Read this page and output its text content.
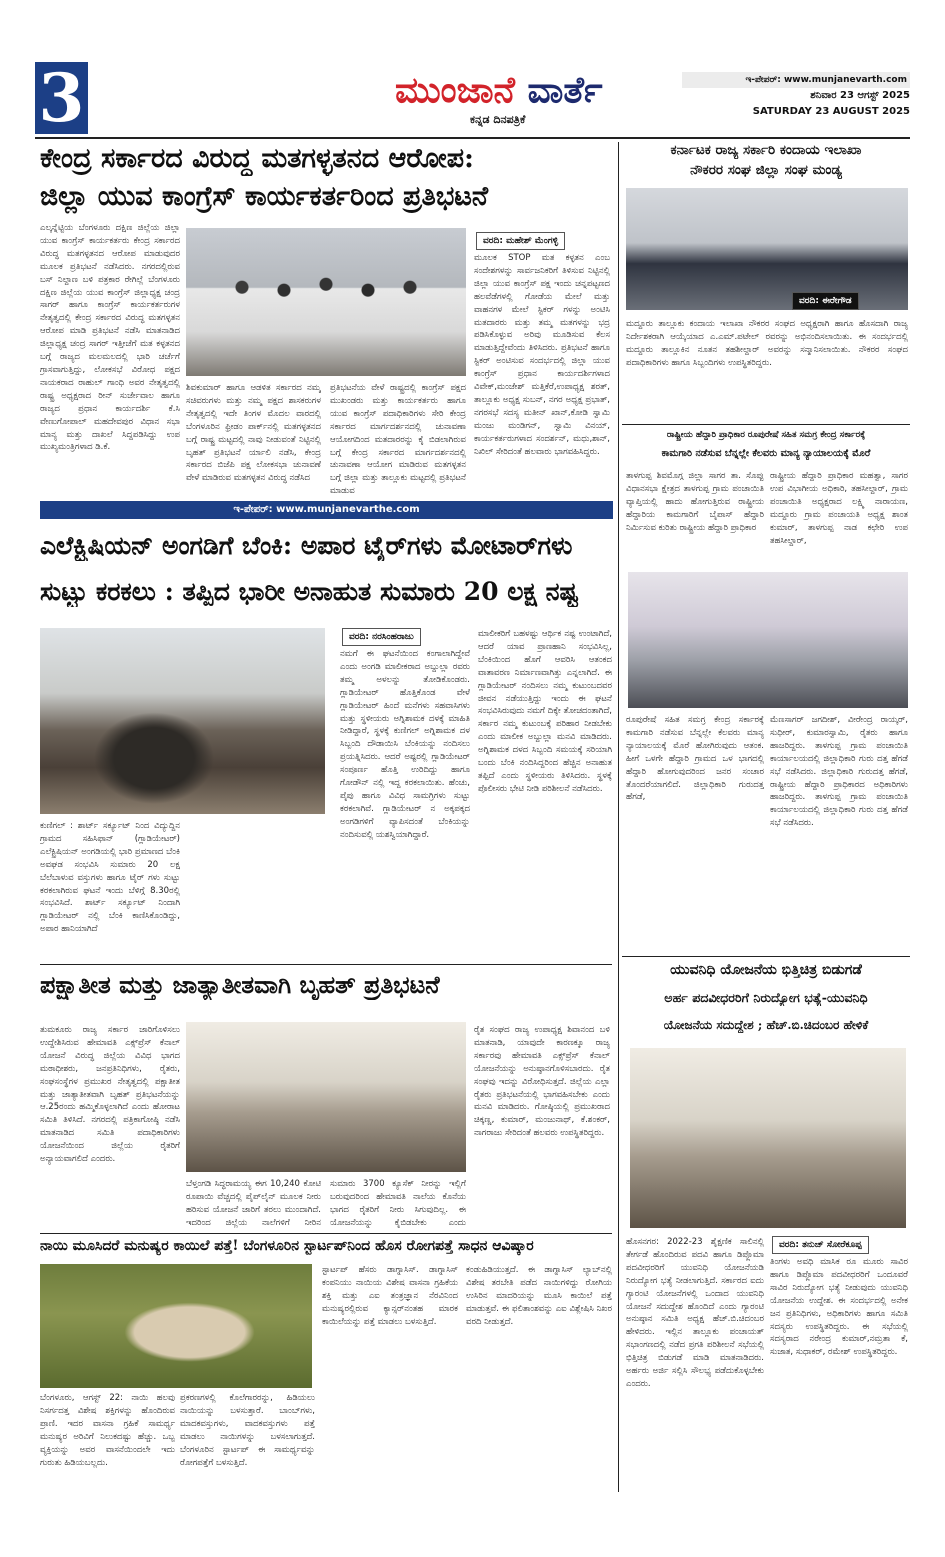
3	ಮುಂಜಾನೆ ವಾರ್ತೆ
ಕನ್ನಡ ದಿನಪತ್ರಿಕೆ
ಇ-ಪೇಪರ್: www.munjanevarth.com
ಶನಿವಾರ 23 ಆಗಸ್ಟ್ 2025
SATURDAY 23 AUGUST 2025
ಕೇಂದ್ರ ಸರ್ಕಾರದ ವಿರುದ್ಧ ಮತಗಳ್ಳತನದ ಆರೋಪ:
ಜಿಲ್ಲಾ ಯುವ ಕಾಂಗ್ರೆಸ್ ಕಾರ್ಯಕರ್ತರಿಂದ ಪ್ರತಿಭಟನೆ
ಎಲ್ಕನ್ನೆಟ್ಟಿಯ ಬೆಂಗಳೂರು ದಕ್ಷಿಣ ಜಿಲ್ಲೆಯ ಜಿಲ್ಲಾ ಯುವ ಕಾಂಗ್ರೆಸ್ ಕಾರ್ಯಕರ್ತರು ಕೇಂದ್ರ ಸರ್ಕಾರದ ವಿರುದ್ಧ ಮತಗಳ್ಳತನದ ಆರೋಪ ಮಾಡುವುದರ ಮೂಲಕ ಪ್ರತಿಭಟನೆ ನಡೆಸಿದರು. ನಗರದಲ್ಲಿರುವ ಬಸ್ ನಿಲ್ದಾಣ ಬಳಿ ಪತ್ರಕಾರ ರೇಗಿಲ್ಲೆ ಬೆಂಗಳೂರು ದಕ್ಷಿಣ ಜಿಲ್ಲೆಯ ಯುವ ಕಾಂಗ್ರೆಸ್ ಜಿಲ್ಲಾಧ್ಯಕ್ಷ ಚಂದ್ರ ಸಾಗರ್ ಹಾಗೂ ಕಾಂಗ್ರೆಸ್ ಕಾರ್ಯಕರ್ತರುಗಳ ನೇತೃತ್ವದಲ್ಲಿ ಕೇಂದ್ರ ಸರ್ಕಾರದ ವಿರುದ್ಧ ಮತಗಳ್ಳತನ ಆರೋಪ ಮಾಡಿ ಪ್ರತಿಭಟನೆ ನಡೆಸಿ ಮಾತನಾಡಿದ ಜಿಲ್ಲಾಧ್ಯಕ್ಷ ಚಂದ್ರ ಸಾಗರ್ ಇತ್ತೀಚೆಗೆ ಮತ ಕಳ್ಳತನದ ಬಗ್ಗೆ ರಾಜ್ಯದ ಮಲಮಲದಲ್ಲಿ ಭಾರಿ ಚರ್ಚೆಗೆ ಗ್ರಾಸವಾಗುತ್ತಿದ್ದು, ಲೋಕಸಭೆ ವಿರೋಧ ಪಕ್ಷದ ನಾಯಕರಾದ ರಾಹುಲ್ ಗಾಂಧಿ ಅವರ ನೇತೃತ್ವದಲ್ಲಿ ರಾಷ್ಟ್ರ ಅಧ್ಯಕ್ಷರಾದ ರೀನ್ ಸುರ್ಜೇವಾಲ ಹಾಗೂ ರಾಜ್ಯದ ಪ್ರಧಾನ ಕಾರ್ಯದರ್ಶಿ ಕೆ.ಸಿ ವೇಣುಗೋಪಾಲ್ ಮಹದೇವಪುರ ವಿಧಾನ ಸಭಾ ಮಾನ್ಯ ಮತ್ತು ದಾಖಲೆ ಸಿದ್ದಪಡಿಸಿದ್ದು ಉಪ ಮುಖ್ಯಮಂತ್ರಿಗಳಾದ ಡಿ.ಕೆ.
ಶಿವಕುಮಾರ್ ಹಾಗೂ ಆಡಳಿತ ಸರ್ಕಾರದ ನಮ್ಮ ಸಚಿವರುಗಳು ಮತ್ತು ನಮ್ಮ ಪಕ್ಷದ ಶಾಸಕರುಗಳ ನೇತೃತ್ವದಲ್ಲಿ ಇದೇ ತಿಂಗಳ ಮೊದಲ ವಾರದಲ್ಲಿ ಬೆಂಗಳೂರಿನ ಫ್ರೀಡಂ ಪಾರ್ಕ್‌ನಲ್ಲಿ ಮತಗಳ್ಳತನದ ಬಗ್ಗೆ ರಾಷ್ಟ್ರ ಮಟ್ಟದಲ್ಲಿ ನಾವು ನೀಡುವಂತೆ ನಿಟ್ಟಿನಲ್ಲಿ ಬೃಹತ್ ಪ್ರತಿಭಟನೆ ರ್ಯಾಲಿ ನಡೆಸಿ, ಕೇಂದ್ರ ಸರ್ಕಾರದ ಬಿಜೆಪಿ ಪಕ್ಷ ಲೋಕಸಭಾ ಚುನಾವಣೆ ವೇಳೆ ಮಾಡಿರುವ ಮತಗಳ್ಳತನ ವಿರುದ್ಧ ನಡೆಸಿದ
ಪ್ರತಿಭಟನೆಯ ವೇಳೆ ರಾಷ್ಟ್ರದಲ್ಲಿ ಕಾಂಗ್ರೆಸ್ ಪಕ್ಷದ ಮುಖಂಡರು ಮತ್ತು ಕಾರ್ಯಕರ್ತರು ಹಾಗೂ ಯುವ ಕಾಂಗ್ರೆಸ್ ಪದಾಧಿಕಾರಿಗಳು ಸೇರಿ ಕೇಂದ್ರ ಸರ್ಕಾರದ ಮಾರ್ಗದರ್ಶನದಲ್ಲಿ ಚುನಾವಣಾ ಆಯೋಗದಿಂದ ಮತದಾರರನ್ನು ಕೈ ಬಿಡಲಾಗಿರುವ ಬಗ್ಗೆ ಕೇಂದ್ರ ಸರ್ಕಾರದ ಮಾರ್ಗದರ್ಶನದಲ್ಲಿ ಚುನಾವಣಾ ಆಯೋಗ ಮಾಡಿರುವ ಮತಗಳ್ಳತನ ಬಗ್ಗೆ ಜಿಲ್ಲಾ ಮತ್ತು ತಾಲ್ಲೂಕು ಮಟ್ಟದಲ್ಲಿ ಪ್ರತಿಭಟನೆ ಮಾಡುವ
ವರದಿ: ಮಹೇಶ್ ಮೆಂಗಳ್ಳಿ
ಮೂಲಕ STOP ಮತ ಕಳ್ಳತನ ಎಂಬ ಸಂದೇಶಗಳನ್ನು ಸಾರ್ವಜನಿಕರಿಗೆ ತಿಳಿಸುವ ನಿಟ್ಟಿನಲ್ಲಿ ಜಿಲ್ಲಾ ಯುವ ಕಾಂಗ್ರೆಸ್ ಪಕ್ಷ ಇಂದು ಚನ್ನಪಟ್ಟಣದ ಹಲವೆಡೆಗಳಲ್ಲಿ ಗೋಡೆಯ ಮೇಲೆ ಮತ್ತು ವಾಹನಗಳ ಮೇಲೆ ಸ್ಟಿಕರ್ ಗಳನ್ನು ಅಂಟಿಸಿ ಮತದಾರರು ಮತ್ತು ತಮ್ಮ ಮತಗಳನ್ನು ಭದ್ರ ಪಡಿಸಿಕೊಳ್ಳುವ ಅರಿವು ಮೂಡಿಸುವ ಕೆಲಸ ಮಾಡುತ್ತಿದ್ದೇವೆಂದು ತಿಳಿಸಿದರು. ಪ್ರತಿಭಟನೆ ಹಾಗೂ ಸ್ಟಿಕರ್ ಅಂಟಿಸುವ ಸಂದರ್ಭದಲ್ಲಿ ಜಿಲ್ಲಾ ಯುವ ಕಾಂಗ್ರೆಸ್ ಪ್ರಧಾನ ಕಾರ್ಯದರ್ಶಿಗಳಾದ ವಿವೇಕ್,ಮಂಜೇಶ್ ಮತ್ತಿಕೆರೆ,ಉಪಾಧ್ಯಕ್ಷ ಶರತ್, ತಾಲ್ಲೂಕು ಅಧ್ಯಕ್ಷ ಸುಬನ್, ನಗರ ಅಧ್ಯಕ್ಷ ಪ್ರಭಾತ್, ನಗರಸಭೆ ಸದಸ್ಯ ಮತೀನ್ ಖಾನ್,ಕೋಡಿ ಸ್ವಾಮಿ ಮಂಜು ಮಂಡಿಗನ್, ಸ್ವಾಮಿ ವಿನಯ್, ಕಾರ್ಯಕರ್ತರುಗಳಾದ ಸಂದರ್ಶನ್, ಮಧು,ಶಾನ್, ನಿಖಿಲ್ ಸೇರಿದಂತೆ ಹಲವಾರು ಭಾಗವಹಿಸಿದ್ದರು.
ಇ-ಪೇಪರ್: www.munjanevarthe.com
ಎಲೆಕ್ಟ್ರಿಷಿಯನ್ ಅಂಗಡಿಗೆ ಬೆಂಕಿ: ಅಪಾರ ಟೈರ್‌ಗಳು ಮೋಟಾರ್‌ಗಳು
ಸುಟ್ಟು ಕರಕಲು : ತಪ್ಪಿದ ಭಾರೀ ಅನಾಹುತ ಸುಮಾರು 20 ಲಕ್ಷ ನಷ್ಟ
ಕುಣಿಗಲ್ : ಶಾರ್ಟ್ ಸರ್ಕ್ಯೂಟ್ ನಿಂದ ವಿದ್ಯುದ್ದಿನ ಗ್ರಾಮದ ಸಹಿಸಿಫಾನ್ (ಗ್ಲಾಡಿಯೇಟರ್) ಎಲೆಕ್ಟ್ರಿಷಿಯನ್ ಅಂಗಡಿಯಲ್ಲಿ ಭಾರಿ ಪ್ರಮಾಣದ ಬೆಂಕಿ ಅವಘಡ ಸಂಭವಿಸಿ ಸುಮಾರು 20 ಲಕ್ಷ ಬೆಲೆಬಾಳುವ ವಸ್ತುಗಳು ಹಾಗೂ ಟೈರ್ ಗಳು ಸುಟ್ಟು ಕರಕಲಾಗಿರುವ ಘಟನೆ ಇಂದು ಬೆಳಿಗ್ಗೆ 8.30ರಲ್ಲಿ ಸಂಭವಿಸಿದೆ. ಶಾರ್ಟ್ ಸರ್ಕ್ಯೂಟ್ ನಿಂದಾಗಿ ಗ್ಲಾಡಿಯೇಟರ್ ನಲ್ಲಿ ಬೆಂಕಿ ಕಾಣಿಸಿಕೊಂಡಿದ್ದು, ಅಪಾರ ಹಾನಿಯಾಗಿದೆ
ವರದಿ: ನರಸಿಂಹರಾಜು
ನಮಗೆ ಈ ಘಟನೆಯಿಂದ ಕಂಗಾಲಾಗಿದ್ದೇವೆ ಎಂದು ಅಂಗಡಿ ಮಾಲೀಕರಾದ ಅಬ್ದುಲ್ಲಾ ರವರು ತಮ್ಮ ಅಳಲನ್ನು ತೋಡಿಕೊಂಡರು. ಗ್ಲಾಡಿಯೇಟರ್ ಹೊತ್ತಿಕೊಂಡ ವೇಳೆ ಗ್ಲಾಡಿಯೇಟರ್ ಹಿಂದೆ ಮನೆಗಳು ಸಹವಾಸಿಗಳು ಮತ್ತು ಸ್ಥಳೀಯರು ಅಗ್ನಿಶಾಮಕ ದಳಕ್ಕೆ ಮಾಹಿತಿ ನೀಡಿದ್ದಾರೆ, ಸ್ಥಳಕ್ಕೆ ಕುಣಿಗಲ್ ಅಗ್ನಿಶಾಮಕ ದಳ ಸಿಬ್ಬಂದಿ ದೌಡಾಯಿಸಿ ಬೆಂಕಿಯನ್ನು ನಂದಿಸಲು ಪ್ರಯತ್ನಿಸಿದರು. ಆದರೆ ಅಷ್ಟರಲ್ಲಿ ಗ್ಲಾಡಿಯೇಟರ್ ಸಂಪೂರ್ಣ ಹೊತ್ತಿ ಉರಿದಿದ್ದು ಹಾಗೂ ಗೋಡೌನ್ ನಲ್ಲಿ ಇದ್ದ ಕರಕಲಾಯಿತು. ಹೆಂಚು, ಪೈಪು ಹಾಗೂ ವಿವಿಧ ಸಾಮಗ್ರಿಗಳು ಸುಟ್ಟು ಕರಕಲಾಗಿವೆ. ಗ್ಲಾಡಿಯೇಟರ್ ನ ಅಕ್ಕಪಕ್ಕದ ಅಂಗಡಿಗಳಿಗೆ ವ್ಯಾಪಿಸದಂತೆ ಬೆಂಕಿಯನ್ನು ನಂದಿಸುವಲ್ಲಿ ಯಶಸ್ವಿಯಾಗಿದ್ದಾರೆ.
ಮಾಲೀಕರಿಗೆ ಬಹಳಷ್ಟು ಆರ್ಥಿಕ ನಷ್ಟ ಉಂಟಾಗಿದೆ, ಆದರೆ ಯಾವ ಪ್ರಾಣಹಾನಿ ಸಂಭವಿಸಿಲ್ಲ, ಬೆಂಕಿಯಿಂದ ಹೊಗೆ ಆವರಿಸಿ ಆತಂಕದ ವಾತಾವರಣ ನಿರ್ಮಾಣವಾಗಿತ್ತು ಎನ್ನಲಾಗಿದೆ. ಈ ಗ್ಲಾಡಿಯೇಟರ್ ನಂದಿಸಲು ನಮ್ಮ ಕುಟುಂಬದವರ ಜೀವನ ನಡೆಯುತ್ತಿದ್ದು ಇಂದು ಈ ಘಟನೆ ಸಂಭವಿಸಿರುವುದು ನಮಗೆ ದಿಕ್ಕೇ ತೋಚದಂತಾಗಿದೆ, ಸರ್ಕಾರ ನಮ್ಮ ಕುಟುಂಬಕ್ಕೆ ಪರಿಹಾರ ನೀಡಬೇಕು ಎಂದು ಮಾಲೀಕ ಅಬ್ದುಲ್ಲಾ ಮನವಿ ಮಾಡಿದರು. ಅಗ್ನಿಶಾಮಕ ದಳದ ಸಿಬ್ಬಂದಿ ಸಮಯಕ್ಕೆ ಸರಿಯಾಗಿ ಬಂದು ಬೆಂಕಿ ನಂದಿಸಿದ್ದರಿಂದ ಹೆಚ್ಚಿನ ಅನಾಹುತ ತಪ್ಪಿದೆ ಎಂದು ಸ್ಥಳೀಯರು ತಿಳಿಸಿದರು. ಸ್ಥಳಕ್ಕೆ ಪೊಲೀಸರು ಭೇಟಿ ನೀಡಿ ಪರಿಶೀಲನೆ ನಡೆಸಿದರು.
ಪಕ್ಷಾತೀತ ಮತ್ತು ಜಾತ್ಯಾತೀತವಾಗಿ ಬೃಹತ್ ಪ್ರತಿಭಟನೆ
ತುಮಕೂರು ರಾಜ್ಯ ಸರ್ಕಾರ ಜಾರಿಗೊಳಿಸಲು ಉದ್ದೇಶಿಸಿರುವ ಹೇಮಾವತಿ ಎಕ್ಸ್‌ಪ್ರೆಸ್ ಕೆನಾಲ್ ಯೋಜನೆ ವಿರುದ್ಧ ಜಿಲ್ಲೆಯ ವಿವಿಧ ಭಾಗದ ಮಠಾಧೀಶರು, ಜನಪ್ರತಿನಿಧಿಗಳು, ರೈತರು, ಸಂಘಸಂಸ್ಥೆಗಳ ಪ್ರಮುಖರ ನೇತೃತ್ವದಲ್ಲಿ ಪಕ್ಷಾತೀತ ಮತ್ತು ಜಾತ್ಯಾತೀತವಾಗಿ ಬೃಹತ್ ಪ್ರತಿಭಟನೆಯನ್ನು ಆ.25ರಂದು ಹಮ್ಮಿಕೊಳ್ಳಲಾಗಿದೆ ಎಂದು ಹೋರಾಟ ಸಮಿತಿ ತಿಳಿಸಿದೆ. ನಗರದಲ್ಲಿ ಪತ್ರಿಕಾಗೋಷ್ಠಿ ನಡೆಸಿ ಮಾತನಾಡಿದ ಸಮಿತಿ ಪದಾಧಿಕಾರಿಗಳು ಯೋಜನೆಯಿಂದ ಜಿಲ್ಲೆಯ ರೈತರಿಗೆ ಅನ್ಯಾಯವಾಗಲಿದೆ ಎಂದರು.
ಬೆಳ್ತಂಗಡಿ ಸಿದ್ಧರಾಮಯ್ಯ ಈಗ 10,240 ಕೋಟಿ ರೂಪಾಯಿ ವೆಚ್ಚದಲ್ಲಿ ಪೈಪ್‌ಲೈನ್ ಮೂಲಕ ನೀರು ಹರಿಸುವ ಯೋಜನೆ ಜಾರಿಗೆ ತರಲು ಮುಂದಾಗಿದೆ. ಇದರಿಂದ ಜಿಲ್ಲೆಯ ನಾಲೆಗಳಿಗೆ ನೀರಿನ
ಸುಮಾರು 3700 ಕ್ಯೂಸೆಕ್ ನೀರನ್ನು ಇಲ್ಲಿಗೆ ಬರುವುದರಿಂದ ಹೇಮಾವತಿ ನಾಲೆಯ ಕೊನೆಯ ಭಾಗದ ರೈತರಿಗೆ ನೀರು ಸಿಗುವುದಿಲ್ಲ. ಈ ಯೋಜನೆಯನ್ನು ಕೈಬಿಡಬೇಕು ಎಂದು
ರೈತ ಸಂಘದ ರಾಜ್ಯ ಉಪಾಧ್ಯಕ್ಷ ಶಿವಾನಂದ ಬಳಿ ಮಾತನಾಡಿ, ಯಾವುದೇ ಕಾರಣಕ್ಕೂ ರಾಜ್ಯ ಸರ್ಕಾರವು ಹೇಮಾವತಿ ಎಕ್ಸ್‌ಪ್ರೆಸ್ ಕೆನಾಲ್ ಯೋಜನೆಯನ್ನು ಅನುಷ್ಠಾನಗೊಳಿಸಬಾರದು. ರೈತ ಸಂಘವು ಇದನ್ನು ವಿರೋಧಿಸುತ್ತದೆ. ಜಿಲ್ಲೆಯ ಎಲ್ಲಾ ರೈತರು ಪ್ರತಿಭಟನೆಯಲ್ಲಿ ಭಾಗವಹಿಸಬೇಕು ಎಂದು ಮನವಿ ಮಾಡಿದರು. ಗೋಷ್ಠಿಯಲ್ಲಿ ಪ್ರಮುಖರಾದ ಚಿಕ್ಕಣ್ಣ, ಕುಮಾರ್, ಮಂಜುನಾಥ್, ಕೆ.ಶಂಕರ್, ನಾಗರಾಜು ಸೇರಿದಂತೆ ಹಲವರು ಉಪಸ್ಥಿತರಿದ್ದರು.
ನಾಯಿ ಮೂಸಿದರೆ ಮನುಷ್ಯರ ಕಾಯಿಲೆ ಪತ್ತೆ! ಬೆಂಗಳೂರಿನ ಸ್ಟಾರ್ಟಪ್‌ನಿಂದ ಹೊಸ ರೋಗಪತ್ತೆ ಸಾಧನ ಆವಿಷ್ಕಾರ
ಬೆಂಗಳೂರು, ಆಗಸ್ಟ್ 22: ನಾಯಿ ಹಲವು ನಿಸರ್ಗದತ್ತ ವಿಶೇಷ ಶಕ್ತಿಗಳನ್ನು ಹೊಂದಿರುವ ಪ್ರಾಣಿ. ಇದರ ವಾಸನಾ ಗ್ರಹಿಕೆ ಸಾಮರ್ಥ್ಯ ಮನುಷ್ಯರ ಅರಿವಿಗೆ ನಿಲುಕದಷ್ಟು ಹೆಚ್ಚು. ಒಬ್ಬ ವ್ಯಕ್ತಿಯನ್ನು ಅವರ ವಾಸನೆಯಿಂದಲೇ ಇದು ಗುರುತು ಹಿಡಿಯಬಲ್ಲದು.
ಪ್ರಕರಣಗಳಲ್ಲಿ ಕೊಲೆಗಾರರನ್ನು, ಹಿಡಿಯಲು ನಾಯಿಯನ್ನು ಬಳಸುತ್ತಾರೆ. ಬಾಂಬ್‌ಗಳು, ಮಾದಕವಸ್ತುಗಳು, ವಾದಕವಸ್ತುಗಳು ಪತ್ತೆ ಮಾಡಲು ನಾಯಿಗಳನ್ನು ಬಳಸಲಾಗುತ್ತದೆ. ಬೆಂಗಳೂರಿನ ಸ್ಟಾರ್ಟಪ್ ಈ ಸಾಮರ್ಥ್ಯವನ್ನು ರೋಗಪತ್ತೆಗೆ ಬಳಸುತ್ತಿದೆ.
ಸ್ಟಾರ್ಟಪ್ ಹೆಸರು ಡಾಗ್ನಾಸಿಸ್. ಡಾಗ್ನಾಸಿಸ್ ಕಂಪನಿಯು ನಾಯಿಯ ವಿಶೇಷ ವಾಸನಾ ಗ್ರಹಿಕೆಯ ಶಕ್ತಿ ಮತ್ತು ಎಐ ತಂತ್ರಜ್ಞಾನ ನೆರವಿನಿಂದ ಮನುಷ್ಯರಲ್ಲಿರುವ ಕ್ಯಾನ್ಸರ್‌ನಂತಹ ಮಾರಕ ಕಾಯಿಲೆಯನ್ನು ಪತ್ತೆ ಮಾಡಲು ಬಳಸುತ್ತಿದೆ.
ಕಂಡುಹಿಡಿಯುತ್ತದೆ. ಈ ಡಾಗ್ನಾಸಿಸ್ ಲ್ಯಾಬ್‌ನಲ್ಲಿ ವಿಶೇಷ ತರಬೇತಿ ಪಡೆದ ನಾಯಿಗಳಿದ್ದು ರೋಗಿಯ ಉಸಿರಿನ ಮಾದರಿಯನ್ನು ಮೂಸಿ ಕಾಯಿಲೆ ಪತ್ತೆ ಮಾಡುತ್ತವೆ. ಈ ಫಲಿತಾಂಶವನ್ನು ಎಐ ವಿಶ್ಲೇಷಿಸಿ ನಿಖರ ವರದಿ ನೀಡುತ್ತದೆ.
ಕರ್ನಾಟಕ ರಾಜ್ಯ ಸರ್ಕಾರಿ ಕಂದಾಯ ಇಲಾಖಾ
ನೌಕರರ ಸಂಘ ಜಿಲ್ಲಾ ಸಂಘ ಮಂಡ್ಯ
ವರದಿ: ಈರೇಗೌಡ
ಮದ್ದೂರು ತಾಲ್ಲೂಕು ಕಂದಾಯ ಇಲಾಖಾ ನೌಕರರ ಸಂಘದ ಅಧ್ಯಕ್ಷರಾಗಿ ಹಾಗೂ ಹೊಸದಾಗಿ ರಾಜ್ಯ ನಿರ್ದೇಶಕರಾಗಿ ಆಯ್ಕೆಯಾದ ಎ.ಎಮ್.ಪಟೇಲ್ ರವರನ್ನು ಅಭಿನಂದಿಸಲಾಯಿತು. ಈ ಸಂದರ್ಭದಲ್ಲಿ ಮದ್ದೂರು ತಾಲ್ಲೂಕಿನ ನೂತನ ತಹಶೀಲ್ದಾರ್ ಅವರನ್ನು ಸನ್ಮಾನಿಸಲಾಯಿತು. ನೌಕರರ ಸಂಘದ ಪದಾಧಿಕಾರಿಗಳು ಹಾಗೂ ಸಿಬ್ಬಂದಿಗಳು ಉಪಸ್ಥಿತರಿದ್ದರು.
ರಾಷ್ಟ್ರೀಯ ಹೆದ್ದಾರಿ ಪ್ರಾಧಿಕಾರ ರೂಪುರೇಷೆ ಸಹಿತ ಸಮಗ್ರ ಕೇಂದ್ರ ಸರ್ಕಾರಕ್ಕೆ
ಕಾಮಗಾರಿ ನಡೆಸುವ ಬೆನ್ನಲ್ಲೇ ಕೆಲವರು ಮಾನ್ಯ ನ್ಯಾಯಾಲಯಕ್ಕೆ ಮೊರೆ
ತಾಳಗುಪ್ಪ ಶಿವಮೊಗ್ಗ ಜಿಲ್ಲಾ ಸಾಗರ ತಾ. ಸೊಪ್ಪು ವಿಧಾನಸಭಾ ಕ್ಷೇತ್ರದ ತಾಳಗುಪ್ಪ ಗ್ರಾಮ ಪಂಚಾಯಿತಿ ವ್ಯಾಪ್ತಿಯಲ್ಲಿ ಹಾದು ಹೋಗುತ್ತಿರುವ ರಾಷ್ಟ್ರೀಯ ಹೆದ್ದಾರಿಯ ಕಾಮಗಾರಿಗೆ ಬೈಪಾಸ್ ಹೆದ್ದಾರಿ ನಿರ್ಮಿಸುವ ಕುರಿತು ರಾಷ್ಟ್ರೀಯ ಹೆದ್ದಾರಿ ಪ್ರಾಧಿಕಾರ
ರಾಷ್ಟ್ರೀಯ ಹೆದ್ದಾರಿ ಪ್ರಾಧಿಕಾರ ಮಹತ್ವಾ, ಸಾಗರ ಉಪ ವಿಭಾಗೀಯ ಅಧಿಕಾರಿ, ತಹಸೀಲ್ದಾರ್, ಗ್ರಾಮ ಪಂಚಾಯಿತಿ ಅಧ್ಯಕ್ಷರಾದ ಲಕ್ಷ್ಮಿ ನಾರಾಯಣ, ಮದ್ದೂರು ಗ್ರಾಮ ಪಂಚಾಯತಿ ಅಧ್ಯಕ್ಷ ಶಾಂತ ಕುಮಾರ್, ತಾಳಗುಪ್ಪ ನಾಡ ಕಛೇರಿ ಉಪ ತಹಸೀಲ್ದಾರ್,
ರೂಪುರೇಷೆ ಸಹಿತ ಸಮಗ್ರ ಕೇಂದ್ರ ಸರ್ಕಾರಕ್ಕೆ ಕಾಮಗಾರಿ ನಡೆಸುವ ಬೆನ್ನಲ್ಲೇ ಕೆಲವರು ಮಾನ್ಯ ನ್ಯಾಯಾಲಯಕ್ಕೆ ಮೊರೆ ಹೋಗಿರುವುದು ಆತಂಕ. ಹೀಗೆ ಒಳಗೇ ಹೆದ್ದಾರಿ ಗ್ರಾಮದ ಒಳ ಭಾಗದಲ್ಲಿ ಹೆದ್ದಾರಿ ಹೋಗುವುದರಿಂದ ಜನರ ಸಂಚಾರ ತೊಂದರೆಯಾಗಲಿದೆ. ಜಿಲ್ಲಾಧಿಕಾರಿ ಗುರುದತ್ತ ಹೆಗಡೆ,
ಮೆಣಸಾಗರ್ ಜಗದೀಶ್, ವೀರೇಂದ್ರ ರಾಯ್ಕರ್, ಸುಧೀರ್, ಕುಮಾರಸ್ವಾಮಿ, ರೈತರು ಹಾಗೂ ಹಾಜರಿದ್ದರು. ತಾಳಗುಪ್ಪ ಗ್ರಾಮ ಪಂಚಾಯಿತಿ ಕಾರ್ಯಾಲಯದಲ್ಲಿ ಜಿಲ್ಲಾಧಿಕಾರಿ ಗುರು ದತ್ತ ಹೆಗಡೆ ಸಭೆ ನಡೆಸಿದರು. ಜಿಲ್ಲಾಧಿಕಾರಿ ಗುರುದತ್ತ ಹೆಗಡೆ, ರಾಷ್ಟ್ರೀಯ ಹೆದ್ದಾರಿ ಪ್ರಾಧಿಕಾರದ ಅಧಿಕಾರಿಗಳು ಹಾಜರಿದ್ದರು. ತಾಳಗುಪ್ಪ ಗ್ರಾಮ ಪಂಚಾಯಿತಿ ಕಾರ್ಯಾಲಯದಲ್ಲಿ ಜಿಲ್ಲಾಧಿಕಾರಿ ಗುರು ದತ್ತ ಹೆಗಡೆ ಸಭೆ ನಡೆಸಿದರು.
ಯುವನಿಧಿ ಯೋಜನೆಯ ಭಿತ್ತಿಚಿತ್ರ ಬಿಡುಗಡೆ
ಅರ್ಹ ಪದವೀಧರರಿಗೆ ನಿರುದ್ಯೋಗ ಭತ್ಯೆ-ಯುವನಿಧಿ
ಯೋಜನೆಯ ಸದುದ್ದೇಶ ; ಹೆಚ್.ಬಿ.ಚಿದಂಬರ ಹೇಳಿಕೆ
ಹೊಸನಗರ: 2022-23 ಶೈಕ್ಷಣಿಕ ಸಾಲಿನಲ್ಲಿ ತೇರ್ಗಡೆ ಹೊಂದಿರುವ ಪದವಿ ಹಾಗೂ ಡಿಪ್ಲೊಮಾ ಪದವೀಧರರಿಗೆ ಯುವನಿಧಿ ಯೋಜನೆಯಡಿ ನಿರುದ್ಯೋಗ ಭತ್ಯೆ ನೀಡಲಾಗುತ್ತಿದೆ. ಸರ್ಕಾರದ ಐದು ಗ್ಯಾರಂಟಿ ಯೋಜನೆಗಳಲ್ಲಿ ಒಂದಾದ ಯುವನಿಧಿ ಯೋಜನೆ ಸದುದ್ದೇಶ ಹೊಂದಿದೆ ಎಂದು ಗ್ಯಾರಂಟಿ ಅನುಷ್ಠಾನ ಸಮಿತಿ ಅಧ್ಯಕ್ಷ ಹೆಚ್.ಬಿ.ಚಿದಂಬರ ಹೇಳಿದರು. ಇಲ್ಲಿನ ತಾಲ್ಲೂಕು ಪಂಚಾಯತ್ ಸಭಾಂಗಣದಲ್ಲಿ ನಡೆದ ಪ್ರಗತಿ ಪರಿಶೀಲನೆ ಸಭೆಯಲ್ಲಿ ಭಿತ್ತಿಚಿತ್ರ ಬಿಡುಗಡೆ ಮಾಡಿ ಮಾತನಾಡಿದರು. ಅರ್ಹರು ಅರ್ಜಿ ಸಲ್ಲಿಸಿ ಸೌಲಭ್ಯ ಪಡೆದುಕೊಳ್ಳಬೇಕು ಎಂದರು.
ವರದಿ: ತನುಜ್ ಸೋರೆಕೂಪ್ಪ
ತಿಂಗಳು ಅವಧಿ ಮಾಸಿಕ ರೂ ಮೂರು ಸಾವಿರ ಹಾಗೂ ಡಿಪ್ಲೊಮಾ ಪದವೀಧರರಿಗೆ ಒಂದೂವರೆ ಸಾವಿರ ನಿರುದ್ಯೋಗ ಭತ್ಯೆ ನೀಡುವುದು ಯುವನಿಧಿ ಯೋಜನೆಯ ಉದ್ದೇಶ. ಈ ಸಂದರ್ಭದಲ್ಲಿ ಅನೇಕ ಜನ ಪ್ರತಿನಿಧಿಗಳು, ಅಧಿಕಾರಿಗಳು ಹಾಗೂ ಸಮಿತಿ ಸದಸ್ಯರು ಉಪಸ್ಥಿತರಿದ್ದರು. ಈ ಸಭೆಯಲ್ಲಿ ಸದಸ್ಯರಾದ ನರೇಂದ್ರ ಕುಮಾರ್,ನಮ್ರತಾ ಕೆ, ಸುಜಾತ, ಸುಧಾಕರ್, ರಮೇಶ್ ಉಪಸ್ಥಿತರಿದ್ದರು.
